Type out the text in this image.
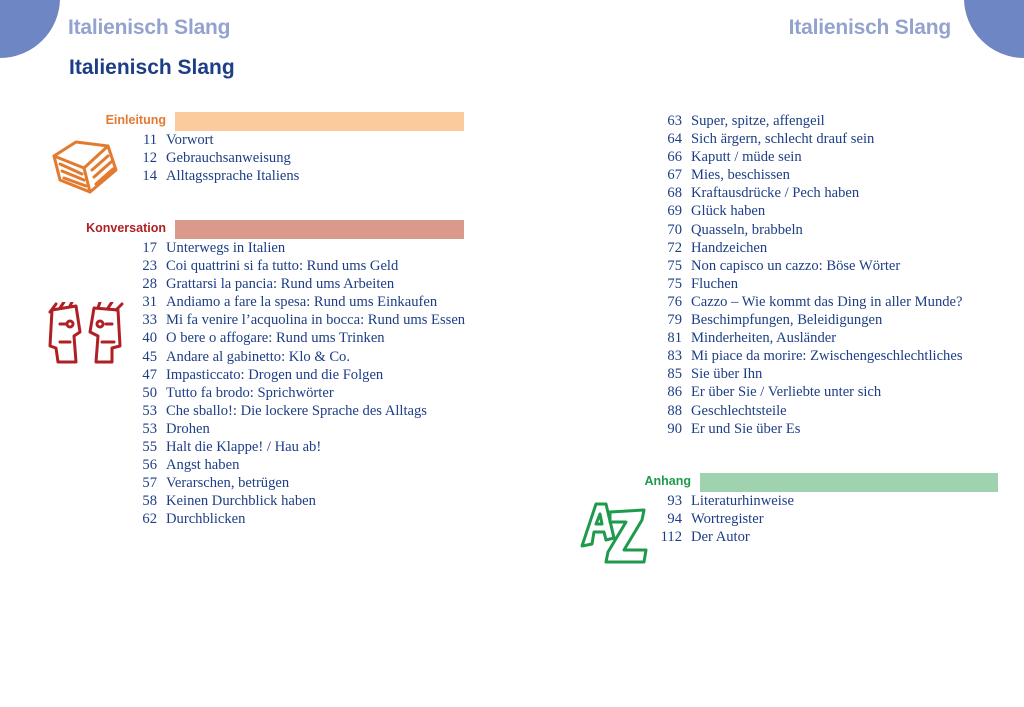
Italienisch Slang	Italienisch Slang
Italienisch Slang
Einleitung
11 Vorwort
12 Gebrauchsanweisung
14 Alltagssprache Italiens
Konversation
17 Unterwegs in Italien
23 Coi quattrini si fa tutto: Rund ums Geld
28 Grattarsi la pancia: Rund ums Arbeiten
31 Andiamo a fare la spesa: Rund ums Einkaufen
33 Mi fa venire l’acquolina in bocca: Rund ums Essen
40 O bere o affogare: Rund ums Trinken
45 Andare al gabinetto: Klo & Co.
47 Impasticcato: Drogen und die Folgen
50 Tutto fa brodo: Sprichwörter
53 Che sballo!: Die lockere Sprache des Alltags
53 Drohen
55 Halt die Klappe! / Hau ab!
56 Angst haben
57 Verarschen, betrügen
58 Keinen Durchblick haben
62 Durchblicken
63 Super, spitze, affengeil
64 Sich ärgern, schlecht drauf sein
66 Kaputt / müde sein
67 Mies, beschissen
68 Kraftausdrücke / Pech haben
69 Glück haben
70 Quasseln, brabbeln
72 Handzeichen
75 Non capisco un cazzo: Böse Wörter
75 Fluchen
76 Cazzo – Wie kommt das Ding in aller Munde?
79 Beschimpfungen, Beleidigungen
81 Minderheiten, Ausländer
83 Mi piace da morire: Zwischengeschlechtliches
85 Sie über Ihn
86 Er über Sie / Verliebte unter sich
88 Geschlechtsteile
90 Er und Sie über Es
Anhang
93 Literaturhinweise
94 Wortregister
112 Der Autor
